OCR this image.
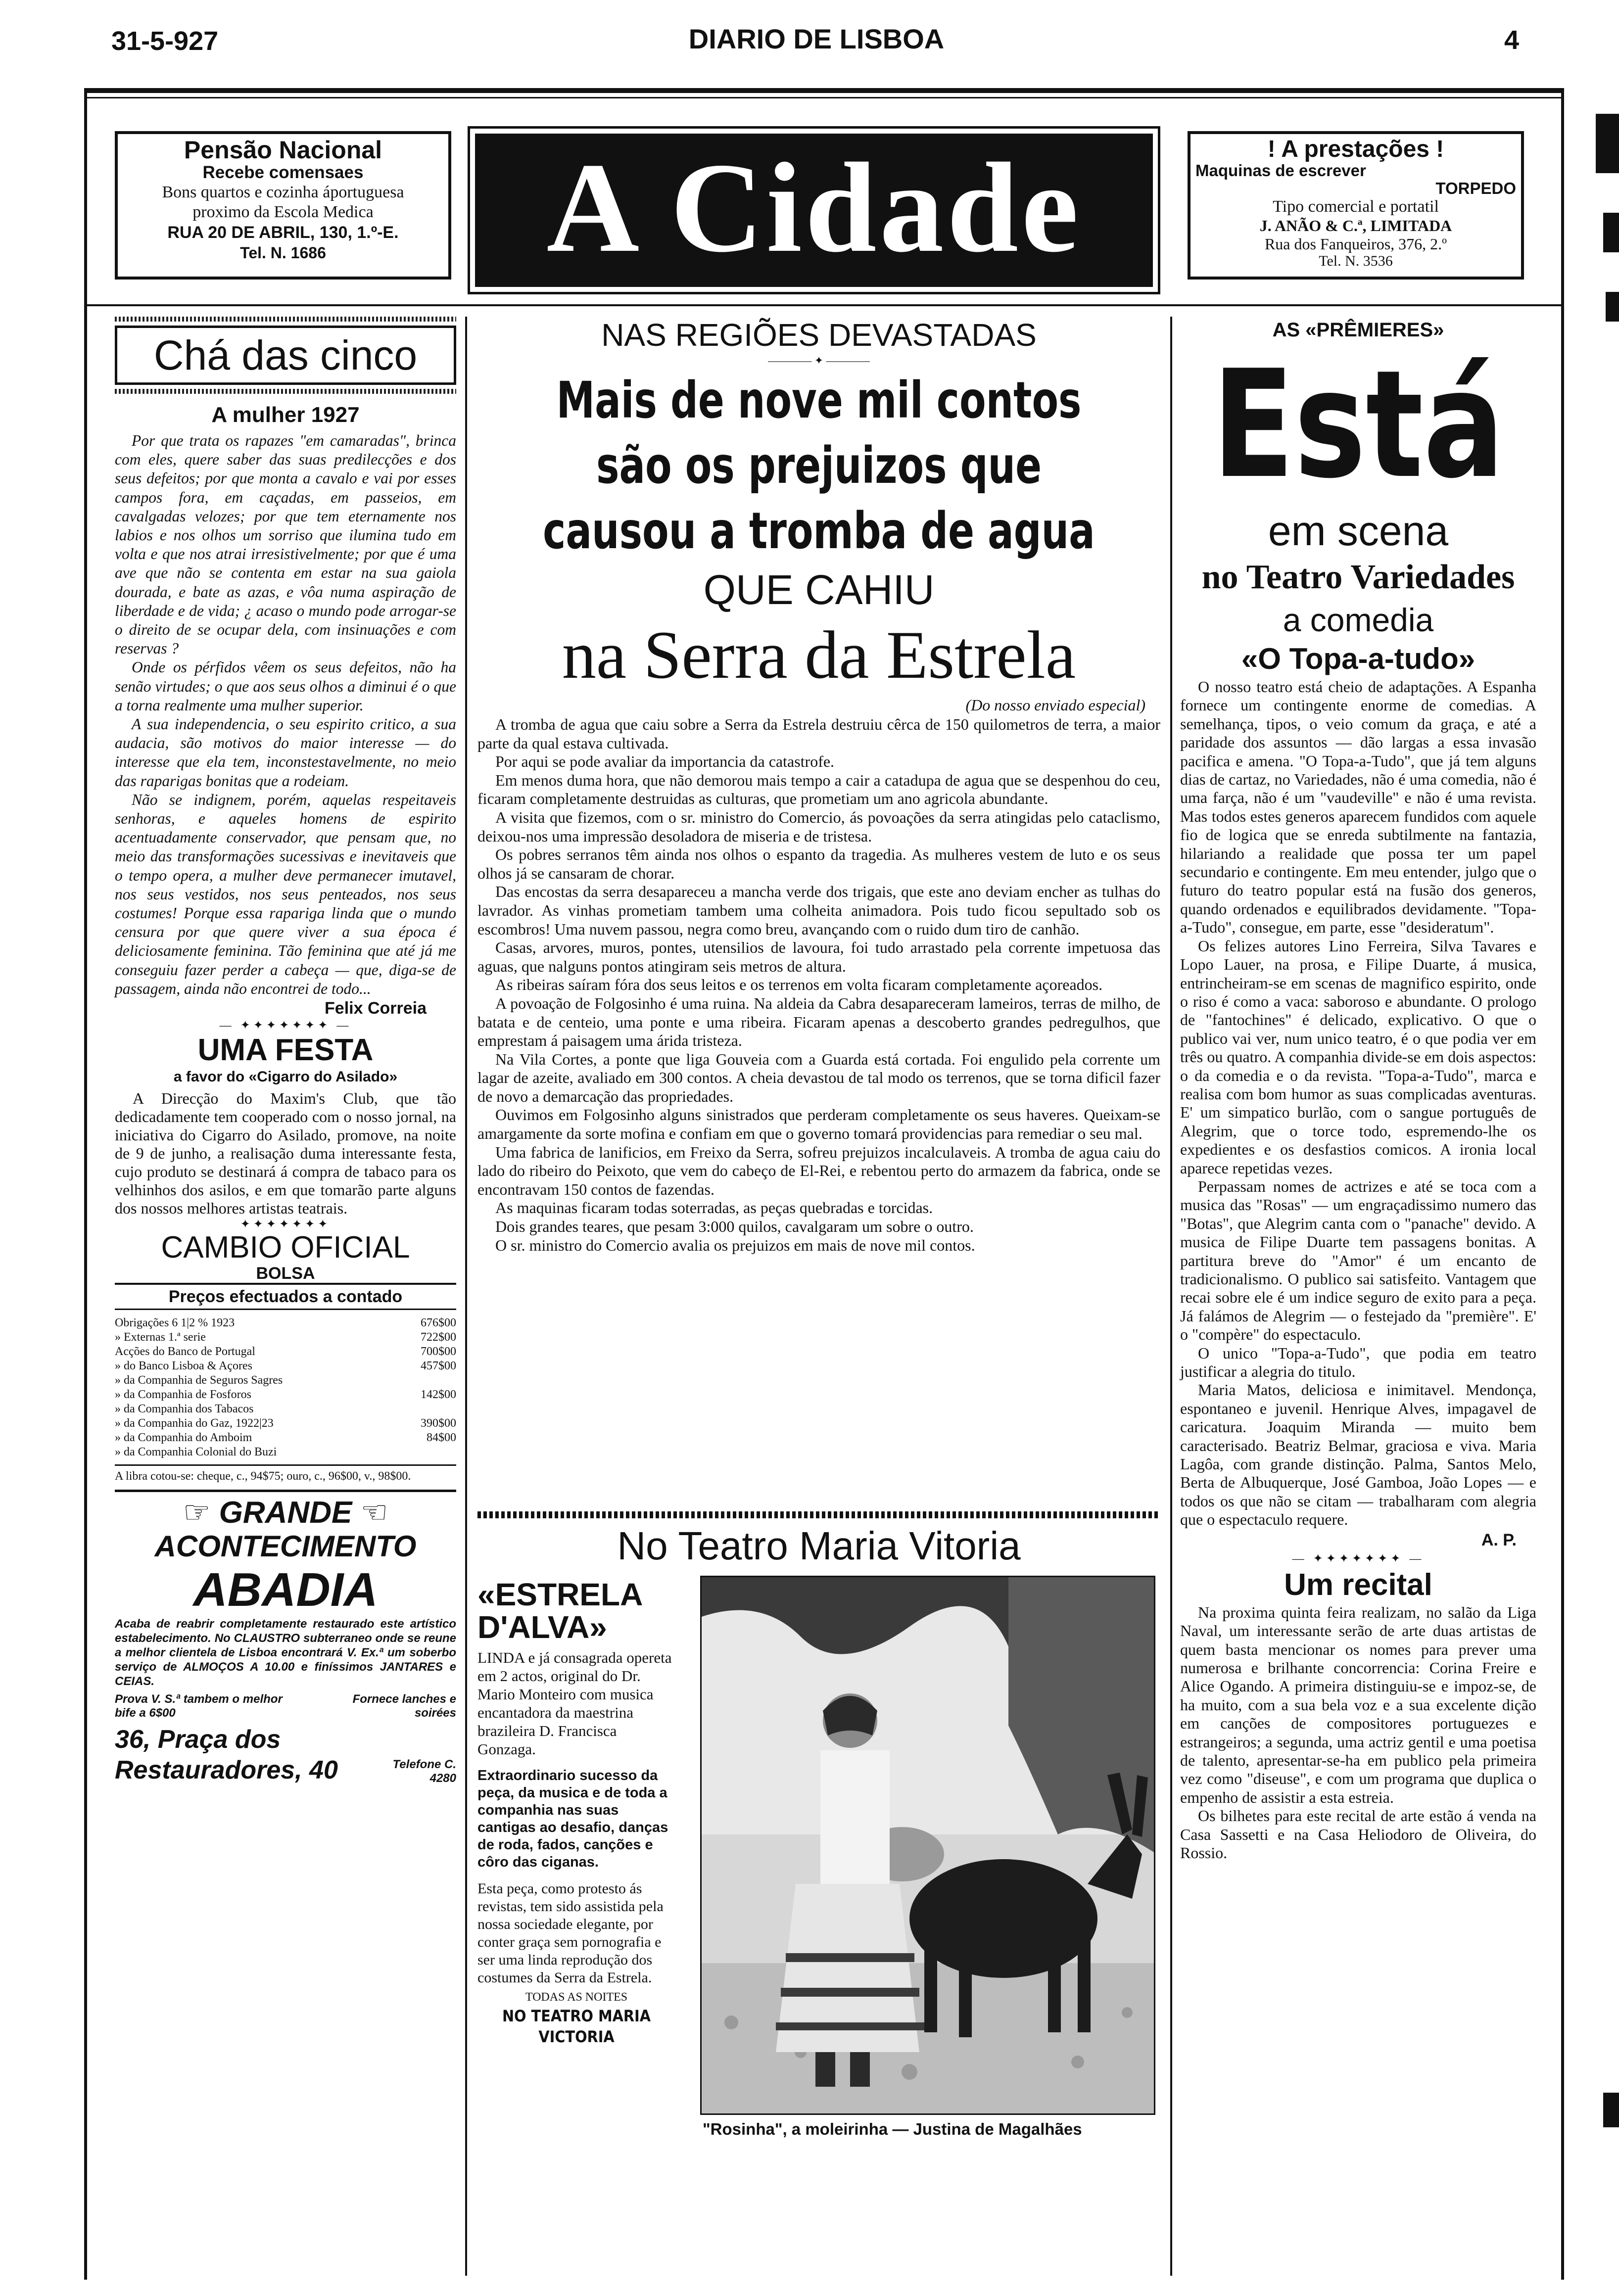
31-5-927	DIARIO DE LISBOA	4
Pensão Nacional
Recebe comensaes
Bons quartos e cozinha áportuguesa
proximo da Escola Medica
RUA 20 DE ABRIL, 130, 1.º-E.
Tel. N. 1686	A Cidade	! A prestações !
Maquinas de escrever
TORPEDO
Tipo comercial e portatil
J. ANÃO & C.ª, LIMITADA
Rua dos Fanqueiros, 376, 2.º
Tel. N. 3536
Chá das cinco
A mulher 1927

Por que trata os rapazes "em camaradas", brinca com eles, quere saber das suas predilecções e dos seus defeitos; por que monta a cavalo e vai por esses campos fora, em caçadas, em passeios, em cavalgadas velozes; por que tem eternamente nos labios e nos olhos um sorriso que ilumina tudo em volta e que nos atrai irresistivelmente; por que é uma ave que não se contenta em estar na sua gaiola dourada, e bate as azas, e vôa numa aspiração de liberdade e de vida; ¿ acaso o mundo pode arrogar-se o direito de se ocupar dela, com insinuações e com reservas ?

Onde os pérfidos vêem os seus defeitos, não ha senão virtudes; o que aos seus olhos a diminui é o que a torna realmente uma mulher superior.

A sua independencia, o seu espirito critico, a sua audacia, são motivos do maior interesse — do interesse que ela tem, inconstestavelmente, no meio das raparigas bonitas que a rodeiam.

Não se indignem, porém, aquelas respeitaveis senhoras, e aqueles homens de espirito acentuadamente conservador, que pensam que, no meio das transformações sucessivas e inevitaveis que o tempo opera, a mulher deve permanecer imutavel, nos seus vestidos, nos seus penteados, nos seus costumes! Porque essa rapariga linda que o mundo censura por que quere viver a sua época é deliciosamente feminina. Tão feminina que até já me conseguiu fazer perder a cabeça — que, diga-se de passagem, ainda não encontrei de todo...

Felix Correia
— ✦✦✦✦✦✦✦ —
UMA FESTA
a favor do «Cigarro do Asilado»

A Direcção do Maxim's Club, que tão dedicadamente tem cooperado com o nosso jornal, na iniciativa do Cigarro do Asilado, promove, na noite de 9 de junho, a realisação duma interessante festa, cujo produto se destinará á compra de tabaco para os velhinhos dos asilos, e em que tomarão parte alguns dos nossos melhores artistas teatrais.

✦✦✦✦✦✦✦
CAMBIO OFICIAL
BOLSA
Preços efectuados a contado
Obrigações 6 1|2 % 1923	676$00
» Externas 1.ª serie	722$00
Acções do Banco de Portugal	700$00
» do Banco Lisboa & Açores	457$00
» da Companhia de Seguros Sagres
» da Companhia de Fosforos	142$00
» da Companhia dos Tabacos
» da Companhia do Gaz, 1922|23	390$00
» da Companhia do Amboim	84$00
» da Companhia Colonial do Buzi
A libra cotou-se: cheque, c., 94$75; ouro, c., 96$00, v., 98$00.
☞ GRANDE ☜
ACONTECIMENTO
ABADIA
Acaba de reabrir completamente restaurado este artístico estabelecimento. No CLAUSTRO subterraneo onde se reune a melhor clientela de Lisboa encontrará V. Ex.ª um soberbo serviço de ALMOÇOS A 10.00 e finíssimos JANTARES e CEIAS.
Prova V. S.ª tambem o melhor bife a 6$00
Fornece lanches e soirées
36, Praça dos Restauradores, 40	Telefone C. 4280
NAS REGIÕES DEVASTADAS
———— ✦ ————
Mais de nove mil contos
são os prejuizos que
causou a tromba de agua
QUE CAHIU
na Serra da Estrela
(Do nosso enviado especial)

A tromba de agua que caiu sobre a Serra da Estrela destruiu cêrca de 150 quilometros de terra, a maior parte da qual estava cultivada.

Por aqui se pode avaliar da importancia da catastrofe.

Em menos duma hora, que não demorou mais tempo a cair a catadupa de agua que se despenhou do ceu, ficaram completamente destruidas as culturas, que prometiam um ano agricola abundante.

A visita que fizemos, com o sr. ministro do Comercio, ás povoações da serra atingidas pelo cataclismo, deixou-nos uma impressão desoladora de miseria e de tristesa.

Os pobres serranos têm ainda nos olhos o espanto da tragedia. As mulheres vestem de luto e os seus olhos já se cansaram de chorar.

Das encostas da serra desapareceu a mancha verde dos trigais, que este ano deviam encher as tulhas do lavrador. As vinhas prometiam tambem uma colheita animadora. Pois tudo ficou sepultado sob os escombros! Uma nuvem passou, negra como breu, avançando com o ruido dum tiro de canhão.

Casas, arvores, muros, pontes, utensilios de lavoura, foi tudo arrastado pela corrente impetuosa das aguas, que nalguns pontos atingiram seis metros de altura.

As ribeiras saíram fóra dos seus leitos e os terrenos em volta ficaram completamente açoreados.

A povoação de Folgosinho é uma ruina. Na aldeia da Cabra desapareceram lameiros, terras de milho, de batata e de centeio, uma ponte e uma ribeira. Ficaram apenas a descoberto grandes pedregulhos, que emprestam á paisagem uma árida tristeza.

Na Vila Cortes, a ponte que liga Gouveia com a Guarda está cortada. Foi engulido pela corrente um lagar de azeite, avaliado em 300 contos. A cheia devastou de tal modo os terrenos, que se torna dificil fazer de novo a demarcação das propriedades.

Ouvimos em Folgosinho alguns sinistrados que perderam completamente os seus haveres. Queixam-se amargamente da sorte mofina e confiam em que o governo tomará providencias para remediar o seu mal.

Uma fabrica de lanificios, em Freixo da Serra, sofreu prejuizos incalculaveis. A tromba de agua caiu do lado do ribeiro do Peixoto, que vem do cabeço de El-Rei, e rebentou perto do armazem da fabrica, onde se encontravam 150 contos de fazendas.

As maquinas ficaram todas soterradas, as peças quebradas e torcidas.

Dois grandes teares, que pesam 3:000 quilos, cavalgaram um sobre o outro.

O sr. ministro do Comercio avalia os prejuizos em mais de nove mil contos.

No Teatro Maria Vitoria
«ESTRELA D'ALVA»
LINDA e já consagrada opereta em 2 actos, original do Dr. Mario Monteiro com musica encantadora da maestrina brazileira D. Francisca Gonzaga.
Extraordinario sucesso da peça, da musica e de toda a companhia nas suas cantigas ao desafio, danças de roda, fados, canções e côro das ciganas.
Esta peça, como protesto ás revistas, tem sido assistida pela nossa sociedade elegante, por conter graça sem pornografia e ser uma linda reprodução dos costumes da Serra da Estrela.
TODAS AS NOITES
NO TEATRO MARIA VICTORIA
"Rosinha", a moleirinha — Justina de Magalhães
AS «PRÊMIERES»
Está
em scena
no Teatro Variedades
a comedia
«O Topa-a-tudo»

O nosso teatro está cheio de adaptações. A Espanha fornece um contingente enorme de comedias. A semelhança, tipos, o veio comum da graça, e até a paridade dos assuntos — dão largas a essa invasão pacifica e amena. "O Topa-a-Tudo", que já tem alguns dias de cartaz, no Variedades, não é uma comedia, não é uma farça, não é um "vaudeville" e não é uma revista. Mas todos estes generos aparecem fundidos com aquele fio de logica que se enreda subtilmente na fantazia, hilariando a realidade que possa ter um papel secundario e contingente. Em meu entender, julgo que o futuro do teatro popular está na fusão dos generos, quando ordenados e equilibrados devidamente. "Topa-a-Tudo", consegue, em parte, esse "desideratum".

Os felizes autores Lino Ferreira, Silva Tavares e Lopo Lauer, na prosa, e Filipe Duarte, á musica, entrincheiram-se em scenas de magnifico espirito, onde o riso é como a vaca: saboroso e abundante. O prologo de "fantochines" é delicado, explicativo. O que o publico vai ver, num unico teatro, é o que podia ver em três ou quatro. A companhia divide-se em dois aspectos: o da comedia e o da revista. "Topa-a-Tudo", marca e realisa com bom humor as suas complicadas aventuras. E' um simpatico burlão, com o sangue português de Alegrim, que o torce todo, espremendo-lhe os expedientes e os desfastios comicos. A ironia local aparece repetidas vezes.

Perpassam nomes de actrizes e até se toca com a musica das "Rosas" — um engraçadissimo numero das "Botas", que Alegrim canta com o "panache" devido. A musica de Filipe Duarte tem passagens bonitas. A partitura breve do "Amor" é um encanto de tradicionalismo. O publico sai satisfeito. Vantagem que recai sobre ele é um indice seguro de exito para a peça. Já falámos de Alegrim — o festejado da "première". E' o "compère" do espectaculo.

O unico "Topa-a-Tudo", que podia em teatro justificar a alegria do titulo.

Maria Matos, deliciosa e inimitavel. Mendonça, espontaneo e juvenil. Henrique Alves, impagavel de caricatura. Joaquim Miranda — muito bem caracterisado. Beatriz Belmar, graciosa e viva. Maria Lagôa, com grande distinção. Palma, Santos Melo, Berta de Albuquerque, José Gamboa, João Lopes — e todos os que não se citam — trabalharam com alegria que o espectaculo requere.

A. P.
— ✦✦✦✦✦✦✦ —
Um recital

Na proxima quinta feira realizam, no salão da Liga Naval, um interessante serão de arte duas artistas de quem basta mencionar os nomes para prever uma numerosa e brilhante concorrencia: Corina Freire e Alice Ogando. A primeira distinguiu-se e impoz-se, de ha muito, com a sua bela voz e a sua excelente dição em canções de compositores portuguezes e estrangeiros; a segunda, uma actriz gentil e uma poetisa de talento, apresentar-se-ha em publico pela primeira vez como "diseuse", e com um programa que duplica o empenho de assistir a esta estreia.

Os bilhetes para este recital de arte estão á venda na Casa Sassetti e na Casa Heliodoro de Oliveira, do Rossio.
